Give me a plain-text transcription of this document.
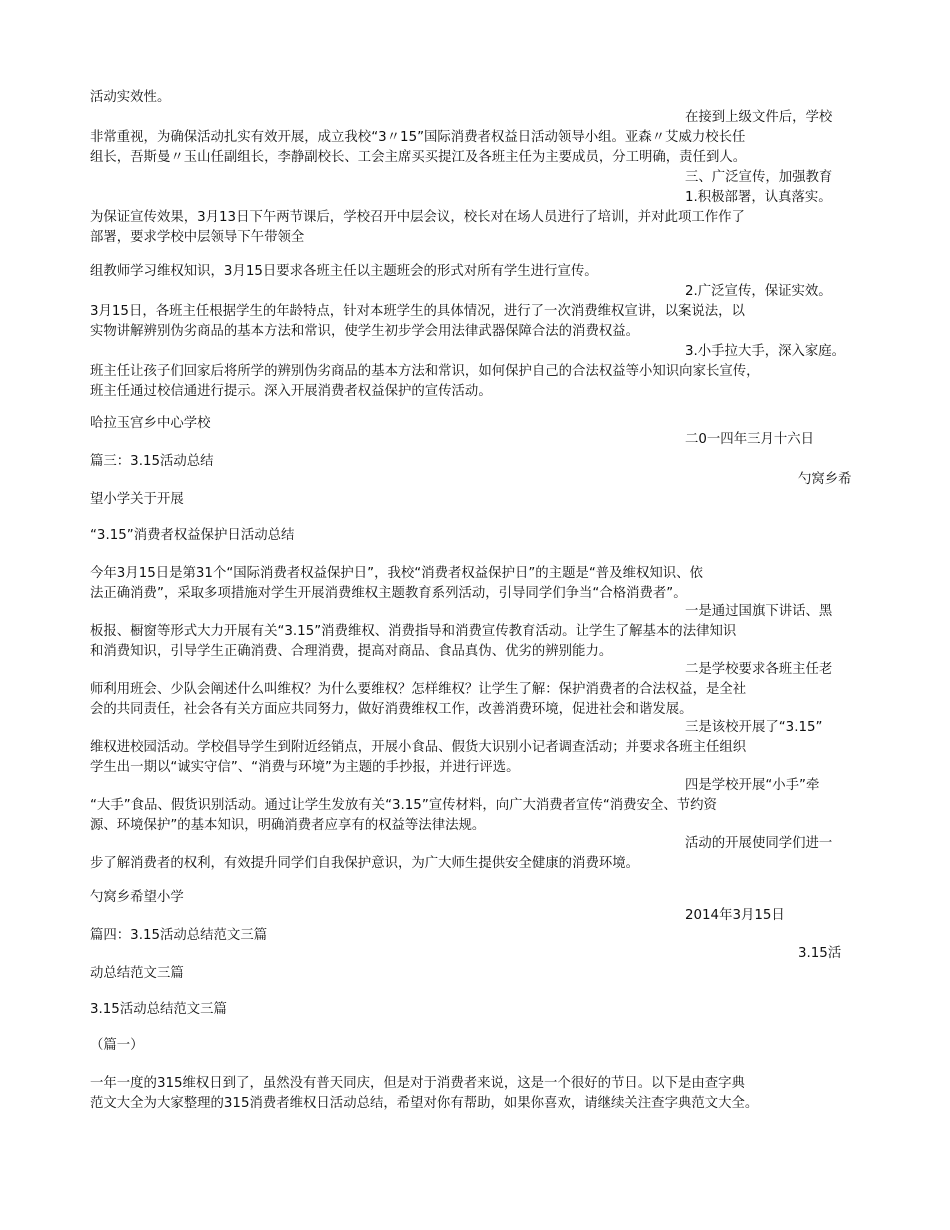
活动实效性。
在接到上级文件后，学校
非常重视，为确保活动扎实有效开展，成立我校“3〃15”国际消费者权益日活动领导小组。亚森〃艾威力校长任
组长，吾斯曼〃玉山任副组长，李静副校长、工会主席买买提江及各班主任为主要成员，分工明确，责任到人。
三、广泛宣传，加强教育
1.积极部署，认真落实。
为保证宣传效果，3月13日下午两节课后，学校召开中层会议，校长对在场人员进行了培训，并对此项工作作了
部署，要求学校中层领导下午带领全
组教师学习维权知识，3月15日要求各班主任以主题班会的形式对所有学生进行宣传。
2.广泛宣传，保证实效。
3月15日，各班主任根据学生的年龄特点，针对本班学生的具体情况，进行了一次消费维权宣讲，以案说法，以
实物讲解辨别伪劣商品的基本方法和常识，使学生初步学会用法律武器保障合法的消费权益。
3.小手拉大手，深入家庭。
班主任让孩子们回家后将所学的辨别伪劣商品的基本方法和常识，如何保护自己的合法权益等小知识向家长宣传，
班主任通过校信通进行提示。深入开展消费者权益保护的宣传活动。
哈拉玉宫乡中心学校
二0一四年三月十六日
篇三：3.15活动总结
勺窝乡希
望小学关于开展
“3.15”消费者权益保护日活动总结
今年3月15日是第31个“国际消费者权益保护日”，我校“消费者权益保护日”的主题是“普及维权知识、依
法正确消费”，采取多项措施对学生开展消费维权主题教育系列活动，引导同学们争当“合格消费者”。
一是通过国旗下讲话、黑
板报、橱窗等形式大力开展有关“3.15”消费维权、消费指导和消费宣传教育活动。让学生了解基本的法律知识
和消费知识，引导学生正确消费、合理消费，提高对商品、食品真伪、优劣的辨别能力。
二是学校要求各班主任老
师利用班会、少队会阐述什么叫维权？为什么要维权？怎样维权？让学生了解：保护消费者的合法权益，是全社
会的共同责任，社会各有关方面应共同努力，做好消费维权工作，改善消费环境，促进社会和谐发展。
三是该校开展了“3.15”
维权进校园活动。学校倡导学生到附近经销点，开展小食品、假货大识别小记者调查活动；并要求各班主任组织
学生出一期以“诚实守信”、“消费与环境”为主题的手抄报，并进行评选。
四是学校开展“小手”牵
“大手”食品、假货识别活动。通过让学生发放有关“3.15”宣传材料，向广大消费者宣传“消费安全、节约资
源、环境保护”的基本知识，明确消费者应享有的权益等法律法规。
活动的开展使同学们进一
步了解消费者的权利，有效提升同学们自我保护意识，为广大师生提供安全健康的消费环境。
勺窝乡希望小学
2014年3月15日
篇四：3.15活动总结范文三篇
3.15活
动总结范文三篇
3.15活动总结范文三篇
（篇一）
一年一度的315维权日到了，虽然没有普天同庆，但是对于消费者来说，这是一个很好的节日。以下是由查字典
范文大全为大家整理的315消费者维权日活动总结，希望对你有帮助，如果你喜欢，请继续关注查字典范文大全。
